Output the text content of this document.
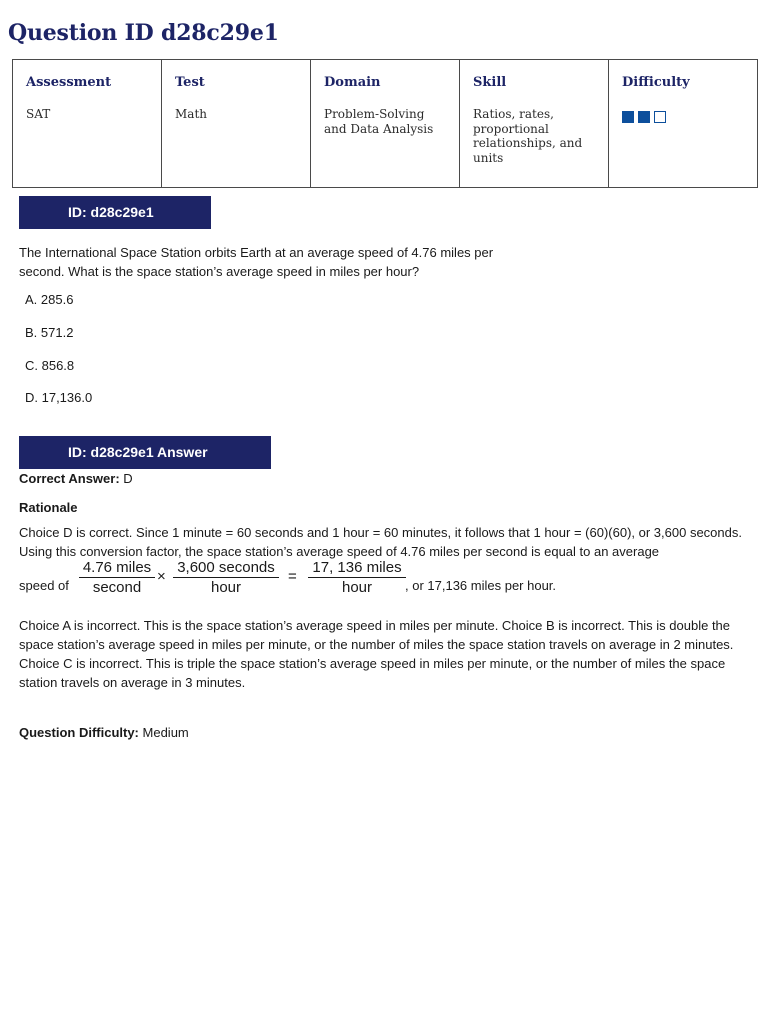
Question ID d28c29e1
Assessment
SAT

Test
Math

Domain
Problem-Solving and Data Analysis

Skill
Ratios, rates, proportional relationships, and units

Difficulty
ID: d28c29e1

The International Space Station orbits Earth at an average speed of 4.76 miles per second. What is the space station’s average speed in miles per hour?

A. 285.6
B. 571.2
C. 856.8
D. 17,136.0
ID: d28c29e1 Answer
Correct Answer: D
Rationale

Choice D is correct. Since 1 minute = 60 seconds and 1 hour = 60 minutes, it follows that 1 hour = (60)(60), or 3,600 seconds. Using this conversion factor, the space station’s average speed of 4.76 miles per second is equal to an average

speed of
4.76 miles
second
×
3,600 seconds
hour
=
17, 136 miles
hour	, or 17,136 miles per hour.

Choice A is incorrect. This is the space station’s average speed in miles per minute. Choice B is incorrect. This is double the space station’s average speed in miles per minute, or the number of miles the space station travels on average in 2 minutes. Choice C is incorrect. This is triple the space station’s average speed in miles per minute, or the number of miles the space station travels on average in 3 minutes.

Question Difficulty: Medium
